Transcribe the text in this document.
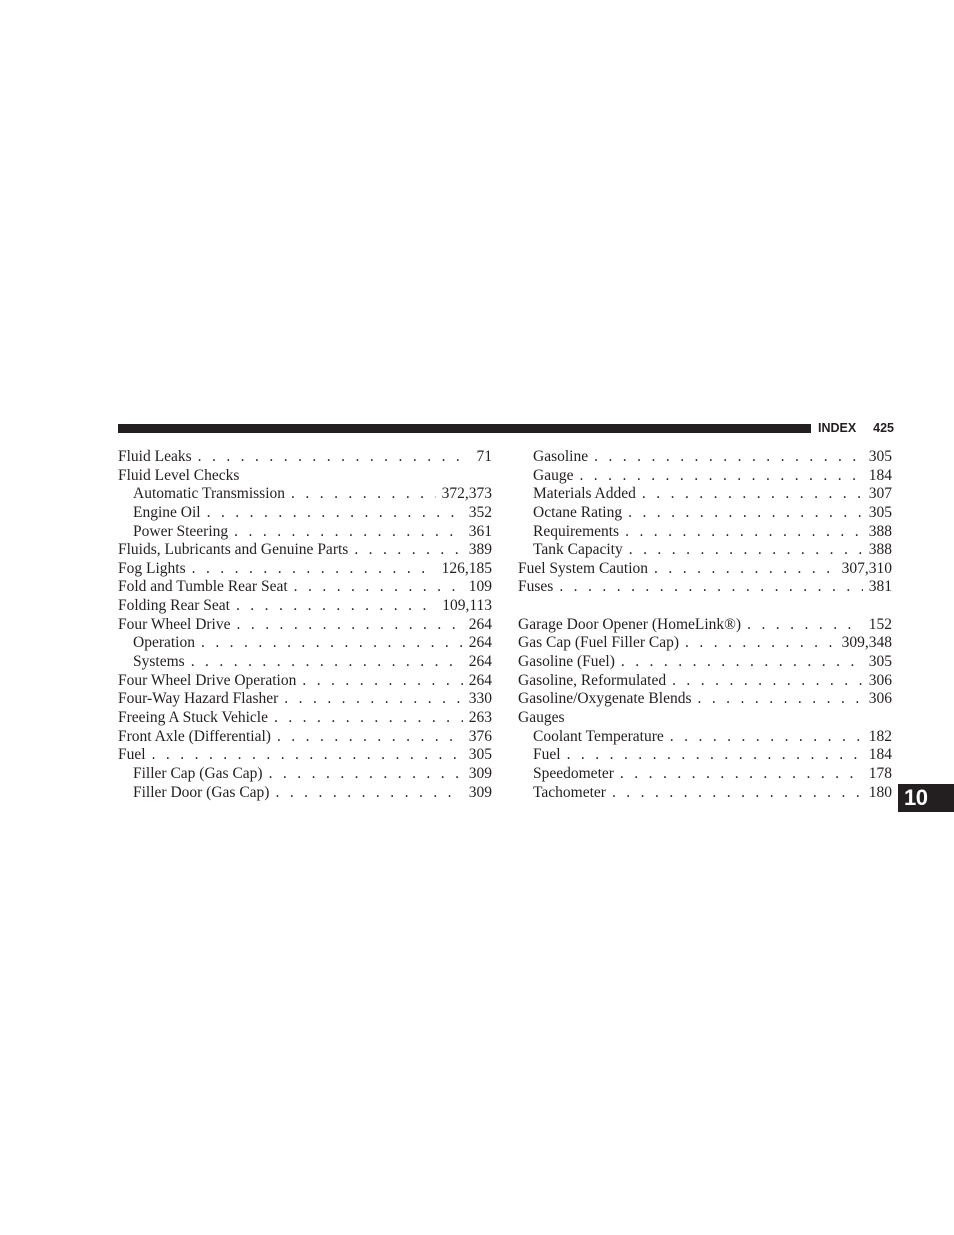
INDEX 425
Fluid Leaks . . .	71
Fluid Level Checks
Automatic Transmission . . .	372,373
Engine Oil . . .	352
Power Steering . . .	361
Fluids, Lubricants and Genuine Parts . . .	389
Fog Lights . . .	126,185
Fold and Tumble Rear Seat . . .	109
Folding Rear Seat . . .	109,113
Four Wheel Drive . . .	264
Operation . . .	264
Systems . . .	264
Four Wheel Drive Operation . . .	264
Four-Way Hazard Flasher . . .	330
Freeing A Stuck Vehicle . . .	263
Front Axle (Differential) . . .	376
Fuel . . .	305
Filler Cap (Gas Cap) . . .	309
Filler Door (Gas Cap) . . .	309
Gasoline . . .	305
Gauge . . .	184
Materials Added . . .	307
Octane Rating . . .	305
Requirements . . .	388
Tank Capacity . . .	388
Fuel System Caution . . .	307,310
Fuses . . .	381
Garage Door Opener (HomeLink®) . . .	152
Gas Cap (Fuel Filler Cap) . . .	309,348
Gasoline (Fuel) . . .	305
Gasoline, Reformulated . . .	306
Gasoline/Oxygenate Blends . . .	306
Gauges
Coolant Temperature . . .	182
Fuel . . .	184
Speedometer . . .	178
Tachometer . . .	180 10
